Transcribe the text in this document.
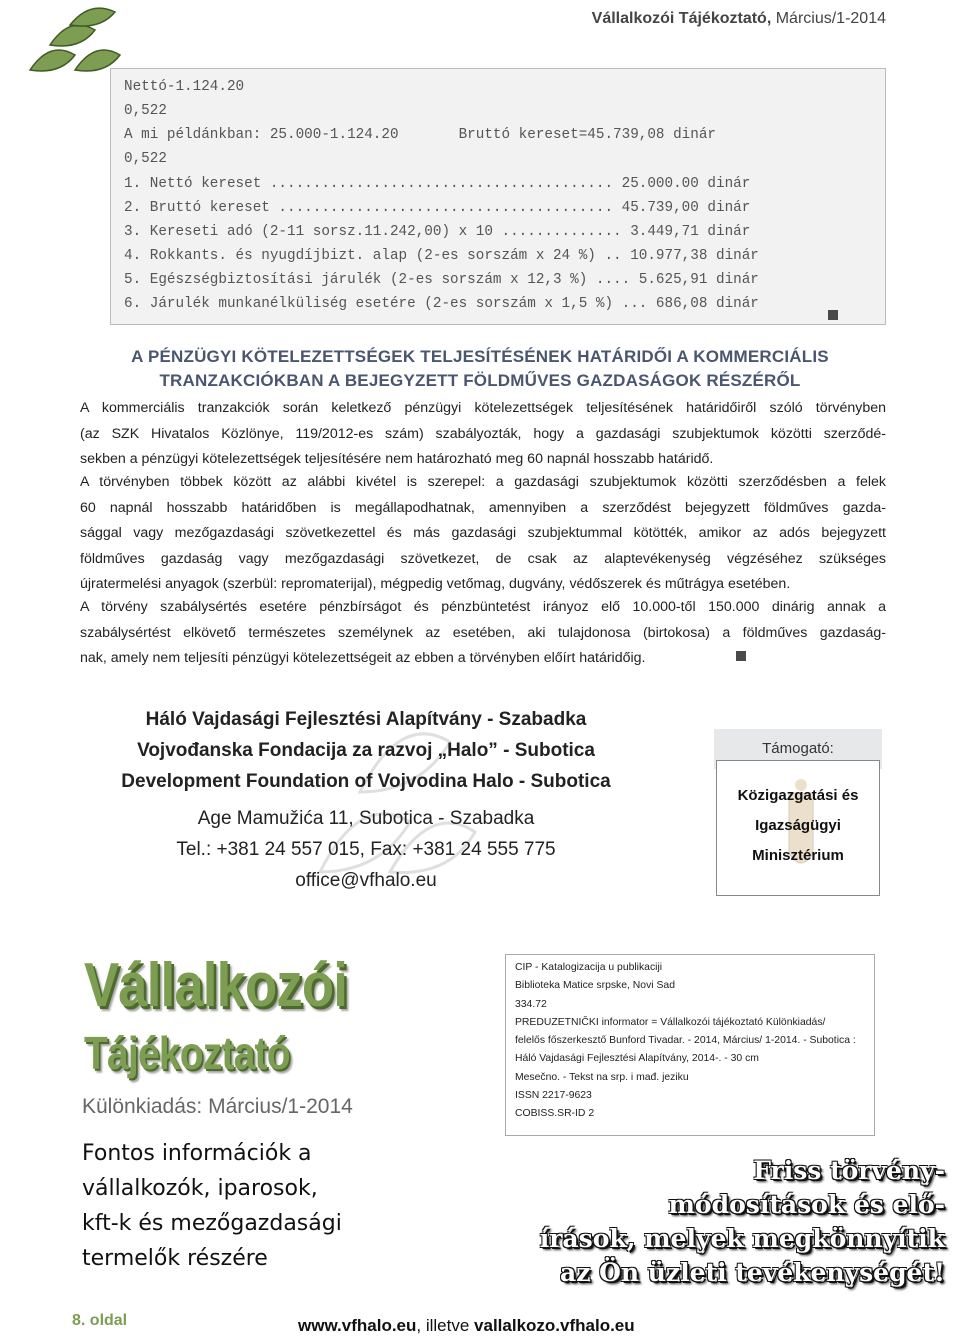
Vállalkozói Tájékoztató, Március/1-2014
Nettó-1.124.20
0,522
A mi példánkban: 25.000-1.124.20       Bruttó kereset=45.739,08 dinár
0,522
1. Nettó kereset ........................................ 25.000.00 dinár
2. Bruttó kereset ....................................... 45.739,00 dinár
3. Kereseti adó (2-11 sorsz.11.242,00) x 10 .............. 3.449,71 dinár
4. Rokkants. és nyugdíjbizt. alap (2-es sorszám x 24 %) .. 10.977,38 dinár
5. Egészségbiztosítási járulék (2-es sorszám x 12,3 %) .... 5.625,91 dinár
6. Járulék munkanélküliség esetére (2-es sorszám x 1,5 %) ... 686,08 dinár
A PÉNZÜGYI KÖTELEZETTSÉGEK TELJESÍTÉSÉNEK HATÁRIDŐI A KOMMERCIÁLIS
TRANZAKCIÓKBAN A BEJEGYZETT FÖLDMŰVES GAZDASÁGOK RÉSZÉRŐL
A kommerciális tranzakciók során keletkező pénzügyi kötelezettségek teljesítésének határidőiről szóló törvényben
(az SZK Hivatalos Közlönye, 119/2012-es szám) szabályozták, hogy a gazdasági szubjektumok közötti szerződé-
sekben a pénzügyi kötelezettségek teljesítésére nem határozható meg 60 napnál hosszabb határidő.
A törvényben többek között az alábbi kivétel is szerepel: a gazdasági szubjektumok közötti szerződésben a felek
60 napnál hosszabb határidőben is megállapodhatnak, amennyiben a szerződést bejegyzett földműves gazda-
sággal vagy mezőgazdasági szövetkezettel és más gazdasági szubjektummal kötötték, amikor az adós bejegyzett
földműves gazdaság vagy mezőgazdasági szövetkezet, de csak az alaptevékenység végzéséhez szükséges
újratermelési anyagok (szerbül: repromaterijal), mégpedig vetőmag, dugvány, védőszerek és műtrágya esetében.
A törvény szabálysértés esetére pénzbírságot és pénzbüntetést irányoz elő 10.000-től 150.000 dinárig annak a
szabálysértést elkövető természetes személynek az esetében, aki tulajdonosa (birtokosa) a földműves gazdaság-
nak, amely nem teljesíti pénzügyi kötelezettségeit az ebben a törvényben előírt határidőig.
Háló Vajdasági Fejlesztési Alapítvány - Szabadka
Vojvođanska Fondacija za razvoj „Halo” - Subotica
Development Foundation of Vojvodina Halo - Subotica
Age Mamužića 11, Subotica - Szabadka
Tel.: +381 24 557 015, Fax: +381 24 555 775
office@vfhalo.eu
Támogató:
Közigazgatási és
Igazságügyi
Minisztérium
Vállalkozói
Tájékoztató
Különkiadás: Március/1-2014
Fontos információk a
vállalkozók, iparosok,
kft-k és mezőgazdasági
termelők részére
CIP - Katalogizacija u publikaciji
Biblioteka Matice srpske, Novi Sad
334.72
PREDUZETNIČKI informator = Vállalkozói tájékoztató Különkiadás/
felelős főszerkesztő Bunford Tivadar. - 2014, Március/ 1-2014. - Subotica :
Háló Vajdasági Fejlesztési Alapítvány, 2014-. - 30 cm
Mesečno. - Tekst na srp. i mađ. jeziku
ISSN 2217-9623
COBISS.SR-ID 2
Friss törvény-
módosítások és elő-
írások, melyek megkönnyítik
az Ön üzleti tevékenységét!
8. oldal	www.vfhalo.eu, illetve vallalkozo.vfhalo.eu
